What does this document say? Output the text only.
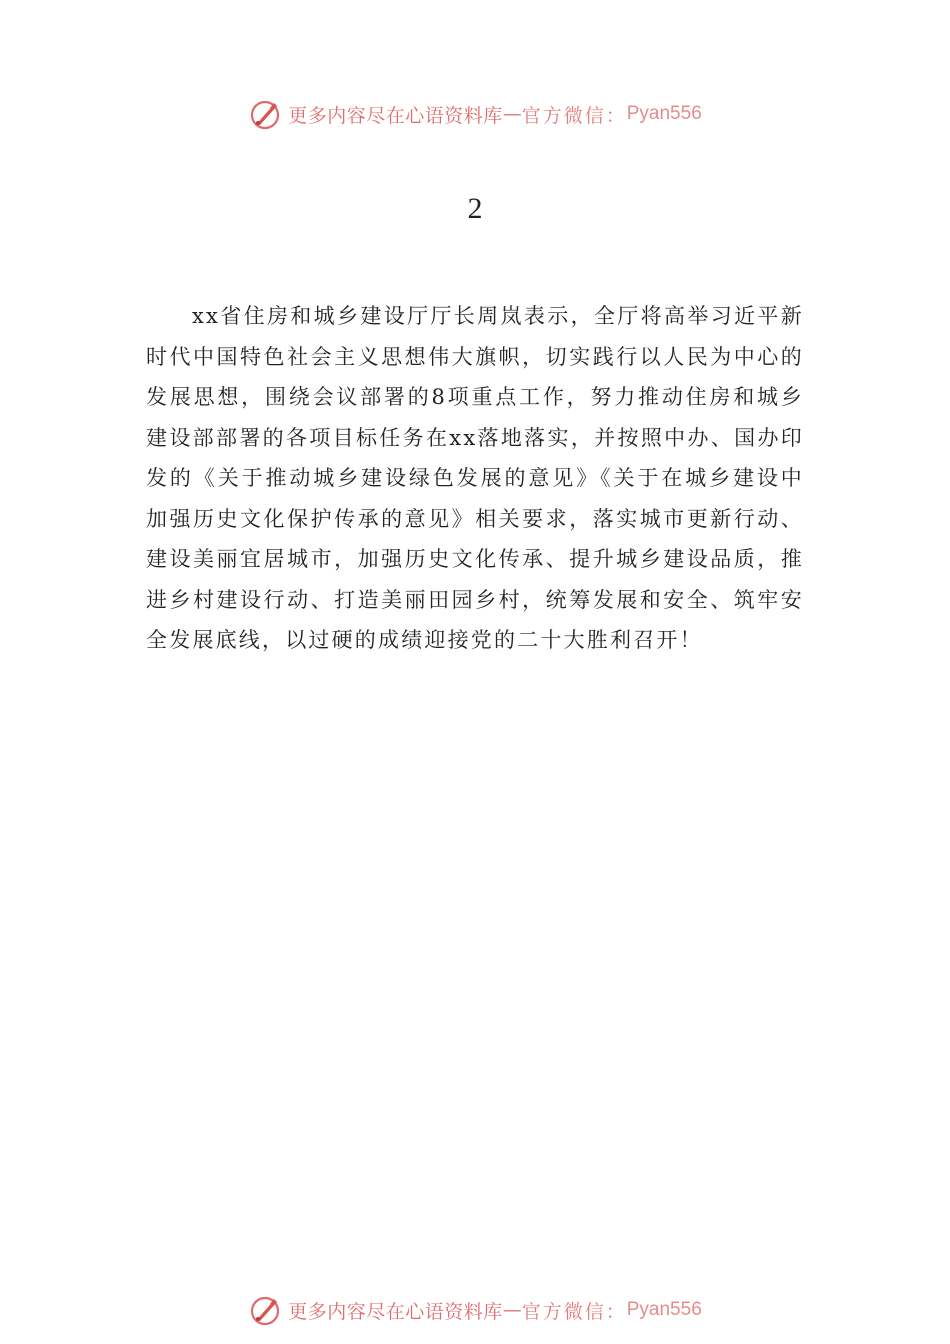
更多内容尽在心语资料库 — 官方微信： Pyan556
2

xx省住房和城乡建设厅厅长周岚表示，全厅将高举习近平新时代中国特色社会主义思想伟大旗帜，切实践行以人民为中心的发展思想，围绕会议部署的8项重点工作，努力推动住房和城乡建设部部署的各项目标任务在xx落地落实，并按照中办、国办印发的《关于推动城乡建设绿色发展的意见》《关于在城乡建设中加强历史文化保护传承的意见》相关要求，落实城市更新行动、建设美丽宜居城市，加强历史文化传承、提升城乡建设品质，推进乡村建设行动、打造美丽田园乡村，统筹发展和安全、筑牢安全发展底线，以过硬的成绩迎接党的二十大胜利召开！

更多内容尽在心语资料库 — 官方微信： Pyan556
